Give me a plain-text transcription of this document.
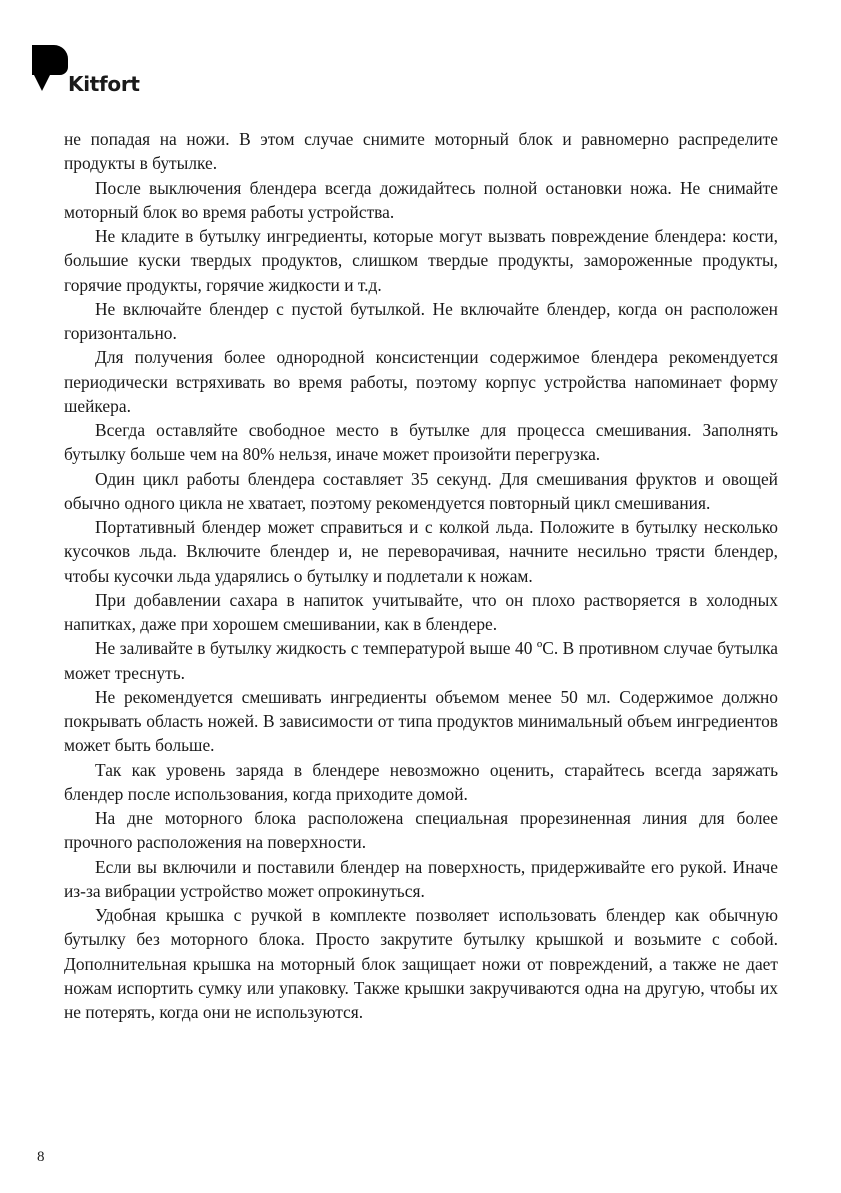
Kitfort

не попадая на ножи. В этом случае снимите моторный блок и равномерно распределите продукты в бутылке.

После выключения блендера всегда дожидайтесь полной остановки ножа. Не снимайте моторный блок во время работы устройства.

Не кладите в бутылку ингредиенты, которые могут вызвать повреждение блендера: кости, большие куски твердых продуктов, слишком твердые продукты, замороженные продукты, горячие продукты, горячие жидкости и т.д.

Не включайте блендер с пустой бутылкой. Не включайте блендер, когда он расположен горизонтально.

Для получения более однородной консистенции содержимое блендера рекомендуется периодически встряхивать во время работы, поэтому корпус устройства напоминает форму шейкера.

Всегда оставляйте свободное место в бутылке для процесса смешивания. Заполнять бутылку больше чем на 80% нельзя, иначе может произойти перегрузка.

Один цикл работы блендера составляет 35 секунд. Для смешивания фруктов и овощей обычно одного цикла не хватает, поэтому рекомендуется повторный цикл смешивания.

Портативный блендер может справиться и с колкой льда. Положите в бутылку несколько кусочков льда. Включите блендер и, не переворачивая, начните несильно трясти блендер, чтобы кусочки льда ударялись о бутылку и подлетали к ножам.

При добавлении сахара в напиток учитывайте, что он плохо растворяется в холодных напитках, даже при хорошем смешивании, как в блендере.

Не заливайте в бутылку жидкость с температурой выше 40 ºС. В противном случае бутылка может треснуть.

Не рекомендуется смешивать ингредиенты объемом менее 50 мл. Содержимое должно покрывать область ножей. В зависимости от типа продуктов минимальный объем ингредиентов может быть больше.

Так как уровень заряда в блендере невозможно оценить, старайтесь всегда заряжать блендер после использования, когда приходите домой.

На дне моторного блока расположена специальная прорезиненная линия для более прочного расположения на поверхности.

Если вы включили и поставили блендер на поверхность, придерживайте его рукой. Иначе из-за вибрации устройство может опрокинуться.

Удобная крышка с ручкой в комплекте позволяет использовать блендер как обычную бутылку без моторного блока. Просто закрутите бутылку крышкой и возьмите с собой. Дополнительная крышка на моторный блок защищает ножи от повреждений, а также не дает ножам испортить сумку или упаковку. Также крышки закручиваются одна на другую, чтобы их не потерять, когда они не используются.

8
